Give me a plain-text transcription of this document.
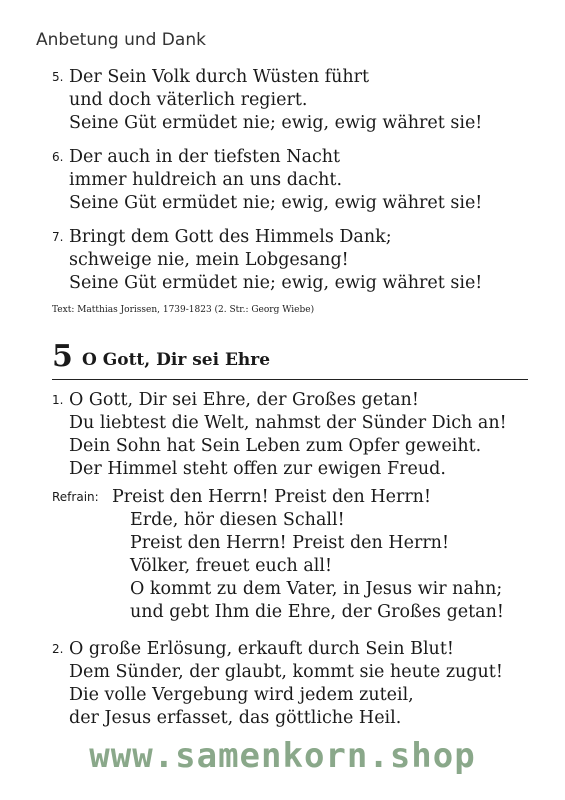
Anbetung und Dank
5. Der Sein Volk durch Wüsten führt
und doch väterlich regiert.
Seine Güt ermüdet nie; ewig, ewig währet sie!
6. Der auch in der tiefsten Nacht
immer huldreich an uns dacht.
Seine Güt ermüdet nie; ewig, ewig währet sie!
7. Bringt dem Gott des Himmels Dank;
schweige nie, mein Lobgesang!
Seine Güt ermüdet nie; ewig, ewig währet sie!
Text: Matthias Jorissen, 1739-1823 (2. Str.: Georg Wiebe)
5 O Gott, Dir sei Ehre
1. O Gott, Dir sei Ehre, der Großes getan!
Du liebtest die Welt, nahmst der Sünder Dich an!
Dein Sohn hat Sein Leben zum Opfer geweiht.
Der Himmel steht offen zur ewigen Freud.
Refrain: Preist den Herrn! Preist den Herrn!
Erde, hör diesen Schall!
Preist den Herrn! Preist den Herrn!
Völker, freuet euch all!
O kommt zu dem Vater, in Jesus wir nahn;
und gebt Ihm die Ehre, der Großes getan!
2. O große Erlösung, erkauft durch Sein Blut!
Dem Sünder, der glaubt, kommt sie heute zugut!
Die volle Vergebung wird jedem zuteil,
der Jesus erfasset, das göttliche Heil.
www.samenkorn.shop
